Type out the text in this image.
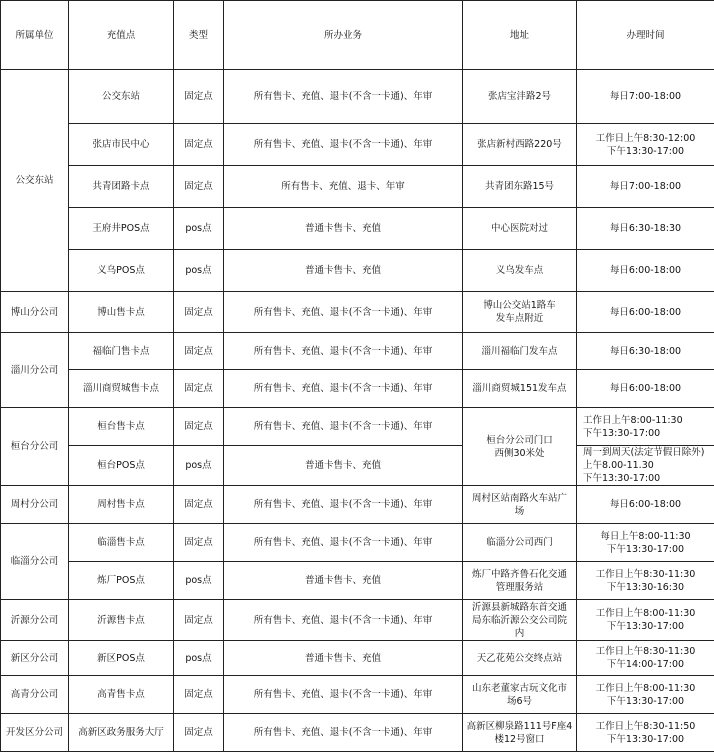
所属单位	充值点	类型	所办业务	地址	办理时间
公交东站	公交东站	固定点	所有售卡、充值、退卡(不含一卡通)、年审	张店宝沣路2号	每日7:00-18:00
	张店市民中心	固定点	所有售卡、充值、退卡(不含一卡通)、年审	张店新村西路220号	工作日上午8:30-12:00
下午13:30-17:00
	共青团路卡点	固定点	所有售卡、充值、退卡、年审	共青团东路15号	每日7:00-18:00
	王府井POS点	pos点	普通卡售卡、充值	中心医院对过	每日6:30-18:30
	义乌POS点	pos点	普通卡售卡、充值	义乌发车点	每日6:00-18:00
博山分公司	博山售卡点	固定点	所有售卡、充值、退卡(不含一卡通)、年审	博山公交站1路车
发车点附近	每日6:00-18:00
淄川分公司	福临门售卡点	固定点	所有售卡、充值、退卡(不含一卡通)、年审	淄川福临门发车点	每日6:30-18:00
	淄川商贸城售卡点	固定点	所有售卡、充值、退卡(不含一卡通)、年审	淄川商贸城151发车点	每日6:00-18:00
桓台分公司	桓台售卡点	固定点	所有售卡、充值、退卡(不含一卡通)、年审	桓台分公司门口
西侧30米处	工作日上午8:00-11:30
下午13:30-17:00
	桓台POS点	pos点	普通卡售卡、充值		周一到周天(法定节假日除外)上午8.00-11.30
下午13:30-17:00
周村分公司	周村售卡点	固定点	所有售卡、充值、退卡(不含一卡通)、年审	周村区站南路火车站广
场	每日6:00-18:00
临淄分公司	临淄售卡点	固定点	所有售卡、充值、退卡(不含一卡通)、年审	临淄分公司西门	每日上午8:00-11:30
下午13:30-17:00
	炼厂POS点	pos点	普通卡售卡、充值	炼厂中路齐鲁石化交通
管理服务站	工作日上午8:30-11:30
下午13:30-16:30
沂源分公司	沂源售卡点	固定点	所有售卡、充值、退卡(不含一卡通)、年审	沂源县新城路东首交通
局东临沂源公交公司院
内	工作日上午8:00-11:30
下午13:30-17:00
新区分公司	新区POS点	pos点	普通卡售卡、充值	天乙花苑公交终点站	工作日上午8:30-11:30
下午14:00-17:00
高青分公司	高青售卡点	固定点	所有售卡、充值、退卡(不含一卡通)、年审	山东老董家古玩文化市
场6号	工作日上午8:00-11:30
下午13:30-17:00
开发区分公司	高新区政务服务大厅	固定点	所有售卡、充值、退卡(不含一卡通)、年审	高新区柳泉路111号F座4
楼12号窗口	工作日上午8:30-11:50
下午13:30-17:00
